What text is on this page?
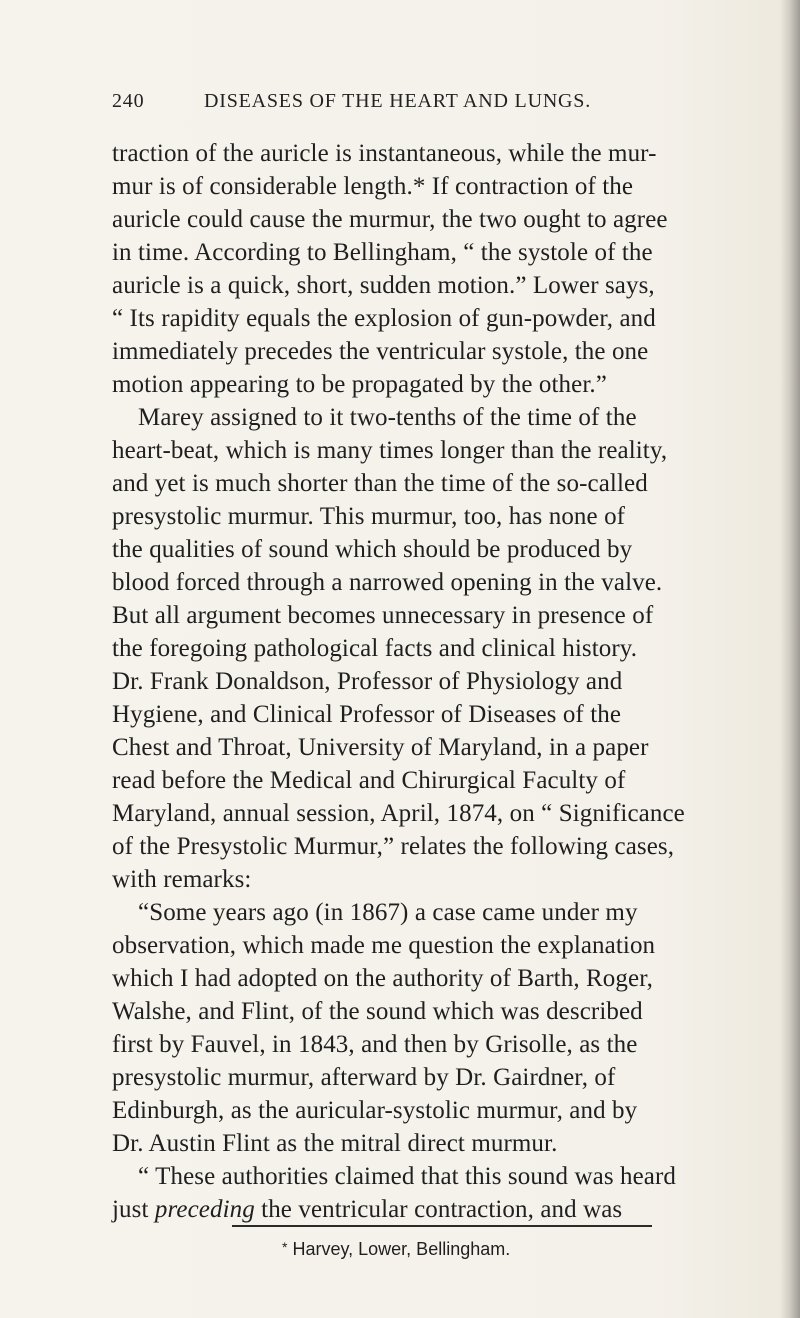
240	DISEASES OF THE HEART AND LUNGS.
traction of the auricle is instantaneous, while the mur-
mur is of considerable length.* If contraction of the
auricle could cause the murmur, the two ought to agree
in time. According to Bellingham, “ the systole of the
auricle is a quick, short, sudden motion.” Lower says,
“ Its rapidity equals the explosion of gun-powder, and
immediately precedes the ventricular systole, the one
motion appearing to be propagated by the other.”
Marey assigned to it two-tenths of the time of the
heart-beat, which is many times longer than the reality,
and yet is much shorter than the time of the so-called
presystolic murmur. This murmur, too, has none of
the qualities of sound which should be produced by
blood forced through a narrowed opening in the valve.
But all argument becomes unnecessary in presence of
the foregoing pathological facts and clinical history.
Dr. Frank Donaldson, Professor of Physiology and
Hygiene, and Clinical Professor of Diseases of the
Chest and Throat, University of Maryland, in a paper
read before the Medical and Chirurgical Faculty of
Maryland, annual session, April, 1874, on “ Significance
of the Presystolic Murmur,” relates the following cases,
with remarks:
“Some years ago (in 1867) a case came under my
observation, which made me question the explanation
which I had adopted on the authority of Barth, Roger,
Walshe, and Flint, of the sound which was described
first by Fauvel, in 1843, and then by Grisolle, as the
presystolic murmur, afterward by Dr. Gairdner, of
Edinburgh, as the auricular-systolic murmur, and by
Dr. Austin Flint as the mitral direct murmur.
“ These authorities claimed that this sound was heard
just preceding the ventricular contraction, and was
* Harvey, Lower, Bellingham.
